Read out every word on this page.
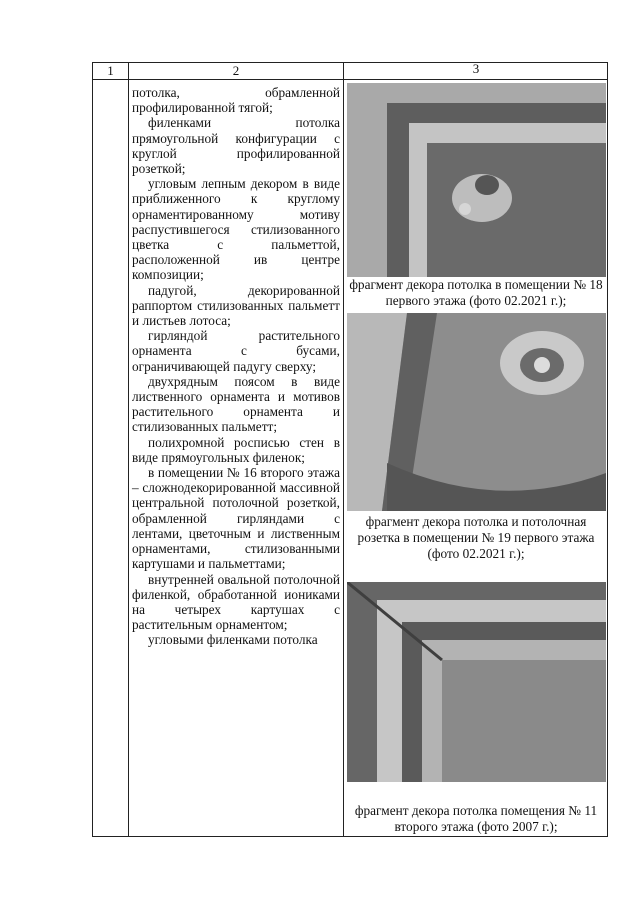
1	2	3

потолка, обрамленной профилированной тягой;

филенками потолка прямоугольной конфигурации с круглой профилированной розеткой;

угловым лепным декором в виде приближенного к круглому орнаментированному мотиву распустившегося стилизованного цветка с пальметтой, расположенной ив центре композиции;

падугой, декорированной раппортом стилизованных пальметт и листьев лотоса;

гирляндой растительного орнамента с бусами, ограничивающей падугу сверху;

двухрядным поясом в виде лиственного орнамента и мотивов растительного орнамента и стилизованных пальметт;

полихромной росписью стен в виде прямоугольных филенок;

в помещении № 16 второго этажа – сложнодекорированной массивной центральной потолочной розеткой, обрамленной гирляндами с лентами, цветочным и лиственным орнаментами, стилизованными картушами и пальметтами;

внутренней овальной потолочной филенкой, обработанной иониками на четырех картушах с растительным орнаментом;

угловыми филенками потолка

фрагмент декора потолка в помещении № 18 первого этажа (фото 02.2021 г.);
фрагмент декора потолка и потолочная розетка в помещении № 19 первого этажа (фото 02.2021 г.);
фрагмент декора потолка помещения № 11 второго этажа (фото 2007 г.);
